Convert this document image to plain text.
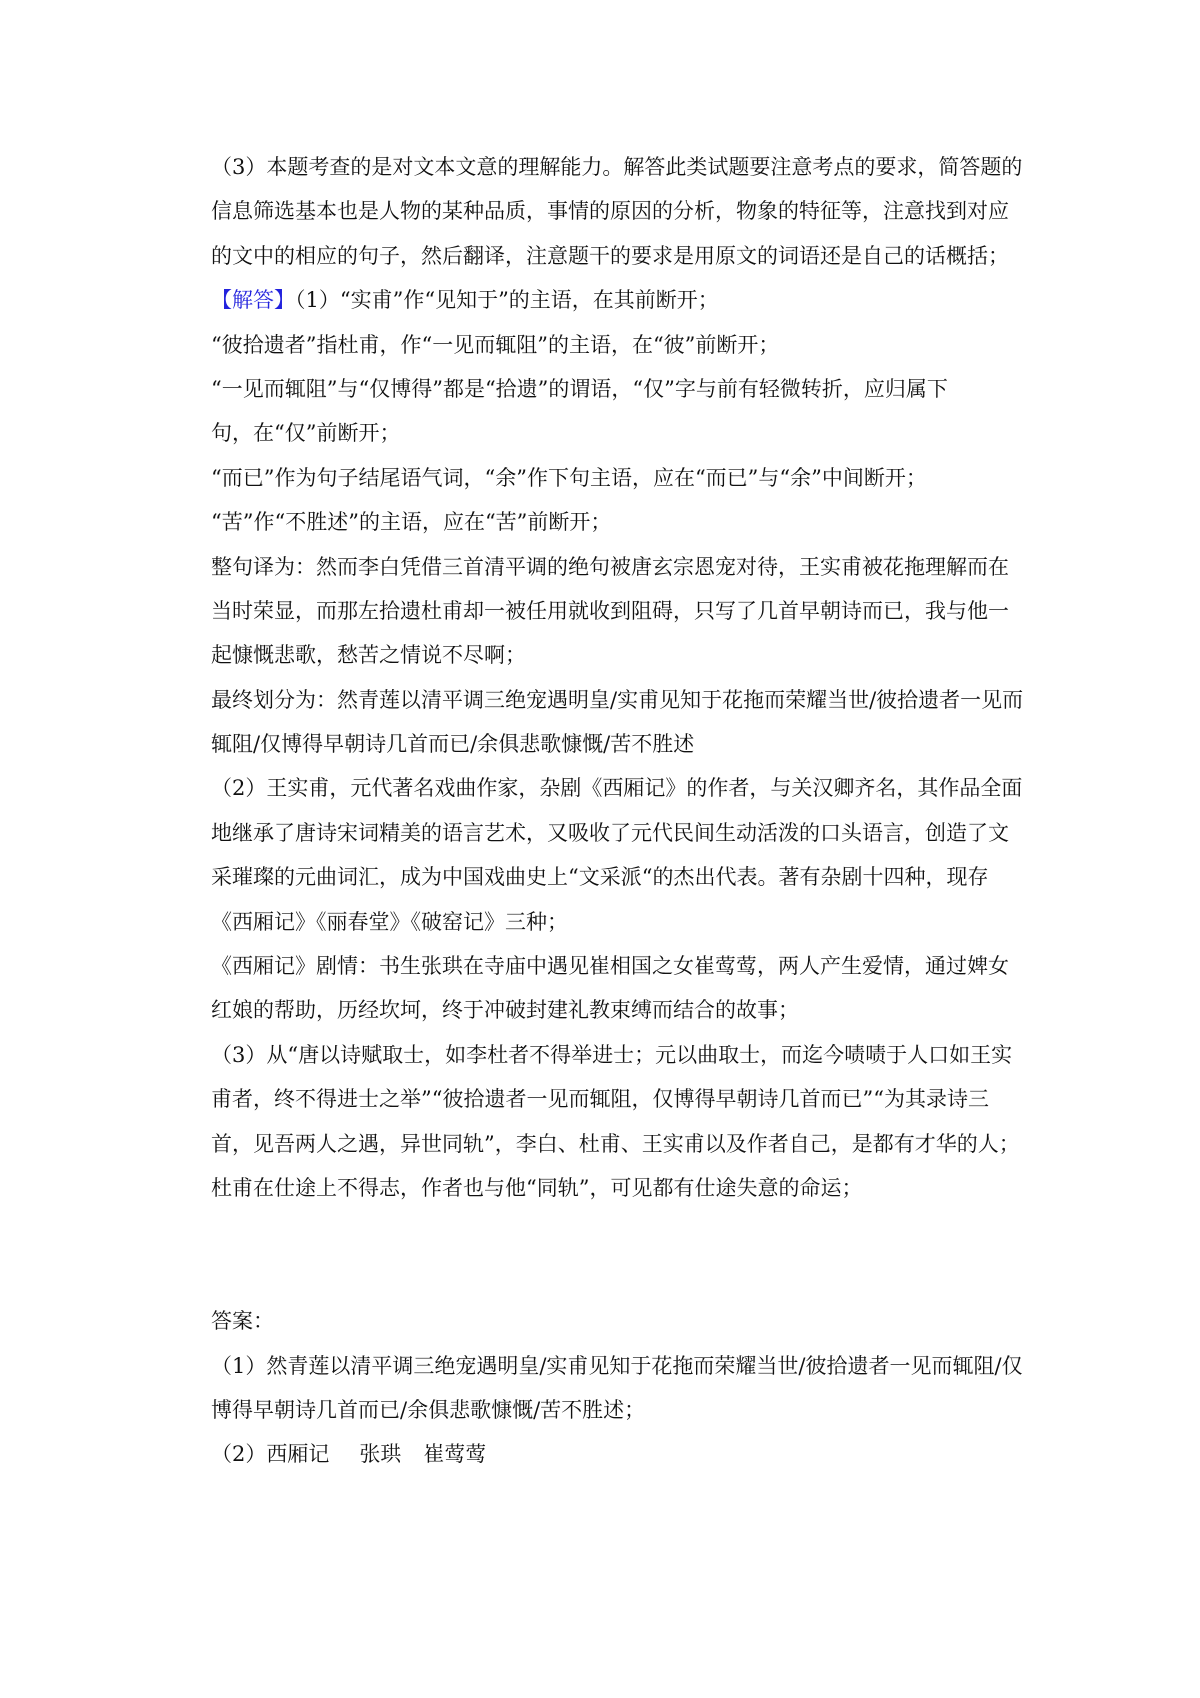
（3）本题考查的是对文本文意的理解能力。解答此类试题要注意考点的要求，简答题的
信息筛选基本也是人物的某种品质，事情的原因的分析，物象的特征等，注意找到对应
的文中的相应的句子，然后翻译，注意题干的要求是用原文的词语还是自己的话概括；
【解答】（1）“实甫”作“见知于”的主语，在其前断开；
“彼拾遗者”指杜甫，作“一见而辄阻”的主语，在“彼”前断开；
“一见而辄阻”与“仅博得”都是“拾遗”的谓语，“仅”字与前有轻微转折，应归属下
句，在“仅”前断开；
“而已”作为句子结尾语气词，“余”作下句主语，应在“而已”与“余”中间断开；
“苦”作“不胜述”的主语，应在“苦”前断开；
整句译为：然而李白凭借三首清平调的绝句被唐玄宗恩宠对待，王实甫被花拖理解而在
当时荣显，而那左拾遗杜甫却一被任用就收到阻碍，只写了几首早朝诗而已，我与他一
起慷慨悲歌，愁苦之情说不尽啊；
最终划分为：然青莲以清平调三绝宠遇明皇/实甫见知于花拖而荣耀当世/彼拾遗者一见而
辄阻/仅博得早朝诗几首而已/余俱悲歌慷慨/苦不胜述
（2）王实甫，元代著名戏曲作家，杂剧《西厢记》的作者，与关汉卿齐名，其作品全面
地继承了唐诗宋词精美的语言艺术，又吸收了元代民间生动活泼的口头语言，创造了文
采璀璨的元曲词汇，成为中国戏曲史上“文采派“的杰出代表。著有杂剧十四种，现存
《西厢记》《丽春堂》《破窑记》三种；
《西厢记》剧情：书生张珙在寺庙中遇见崔相国之女崔莺莺，两人产生爱情，通过婢女
红娘的帮助，历经坎坷，终于冲破封建礼教束缚而结合的故事；
（3）从“唐以诗赋取士，如李杜者不得举进士；元以曲取士，而迄今啧啧于人口如王实
甫者，终不得进士之举”“彼拾遗者一见而辄阻，仅博得早朝诗几首而已”“为其录诗三
首，见吾两人之遇，异世同轨”，李白、杜甫、王实甫以及作者自己，是都有才华的人；
杜甫在仕途上不得志，作者也与他“同轨”，可见都有仕途失意的命运；
答案：
（1）然青莲以清平调三绝宠遇明皇/实甫见知于花拖而荣耀当世/彼拾遗者一见而辄阻/仅
博得早朝诗几首而已/余俱悲歌慷慨/苦不胜述；
（2）西厢记 张珙 崔莺莺
